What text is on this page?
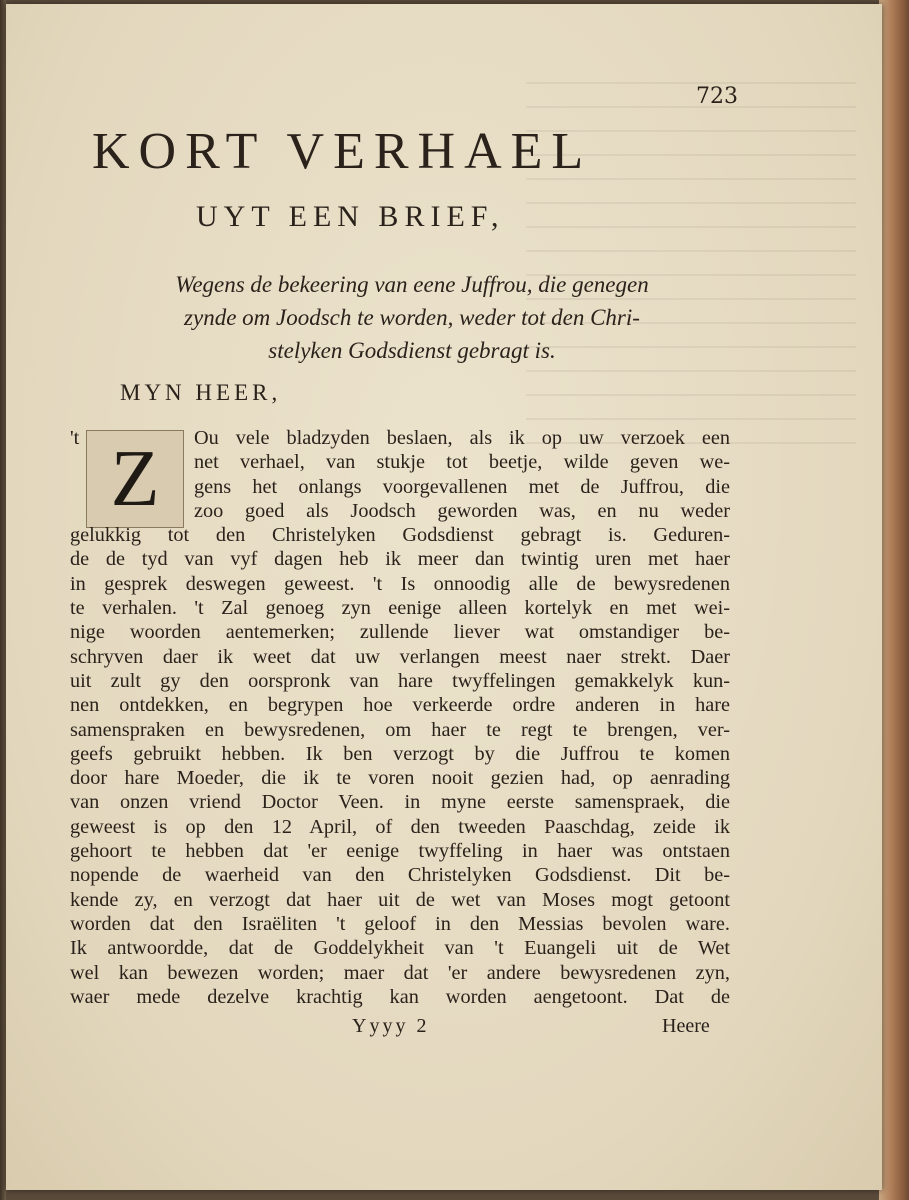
723
KORT VERHAEL
UYT EEN BRIEF,
Wegens de bekeering van eene Juffrou, die genegen
zynde om Joodsch te worden, weder tot den Chri-
stelyken Godsdienst gebragt is.
MYN HEER,
Z
't	Ou vele bladzyden beslaen, als ik op uw verzoek een
net verhael, van stukje tot beetje, wilde geven we-
gens het onlangs voorgevallenen met de Juffrou, die
zoo goed als Joodsch geworden was, en nu weder
gelukkig tot den Christelyken Godsdienst gebragt is. Geduren-
de de tyd van vyf dagen heb ik meer dan twintig uren met haer
in gesprek deswegen geweest. 't Is onnoodig alle de bewysredenen
te verhalen. 't Zal genoeg zyn eenige alleen kortelyk en met wei-
nige woorden aentemerken; zullende liever wat omstandiger be-
schryven daer ik weet dat uw verlangen meest naer strekt. Daer
uit zult gy den oorspronk van hare twyffelingen gemakkelyk kun-
nen ontdekken, en begrypen hoe verkeerde ordre anderen in hare
samenspraken en bewysredenen, om haer te regt te brengen, ver-
geefs gebruikt hebben. Ik ben verzogt by die Juffrou te komen
door hare Moeder, die ik te voren nooit gezien had, op aenrading
van onzen vriend Doctor Veen. in myne eerste samenspraek, die
geweest is op den 12 April, of den tweeden Paaschdag, zeide ik
gehoort te hebben dat 'er eenige twyffeling in haer was ontstaen
nopende de waerheid van den Christelyken Godsdienst. Dit be-
kende zy, en verzogt dat haer uit de wet van Moses mogt getoont
worden dat den Israëliten 't geloof in den Messias bevolen ware.
Ik antwoordde, dat de Goddelykheit van 't Euangeli uit de Wet
wel kan bewezen worden; maer dat 'er andere bewysredenen zyn,
waer mede dezelve krachtig kan worden aengetoont. Dat de
Yyyy 2	Heere
